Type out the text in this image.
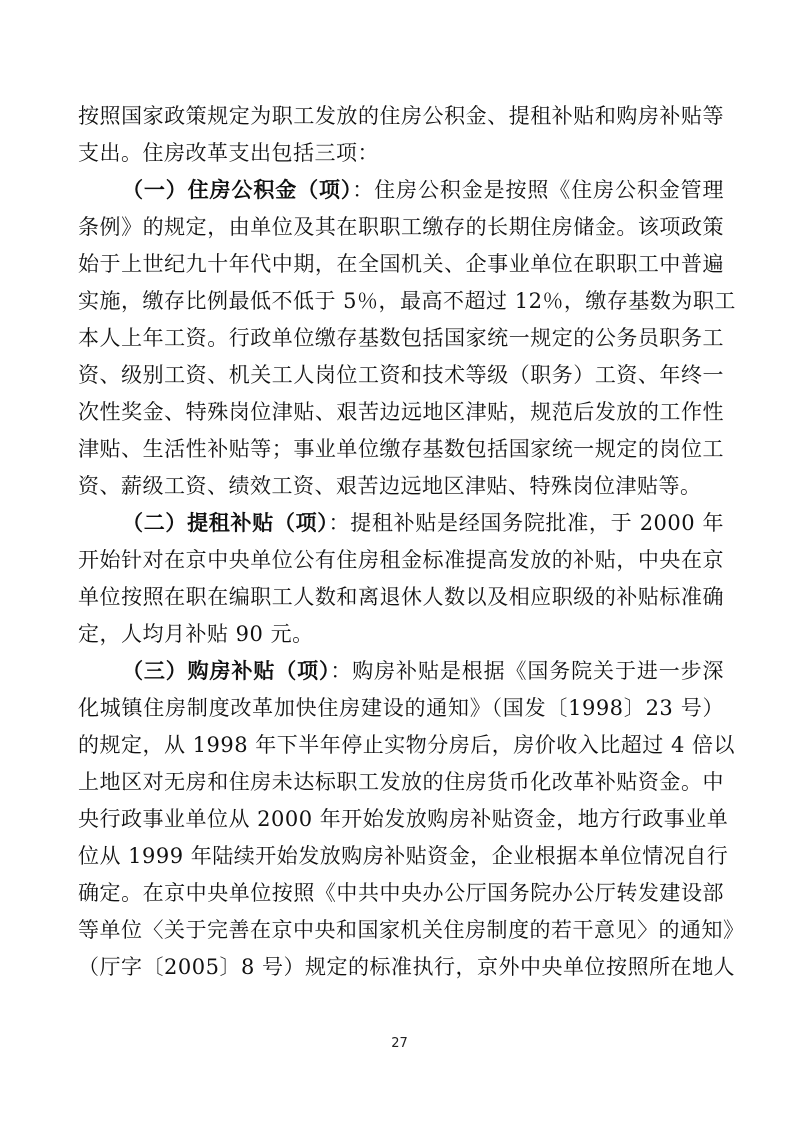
按照国家政策规定为职工发放的住房公积金、提租补贴和购房补贴等
支出。住房改革支出包括三项：
（一）住房公积金（项）：住房公积金是按照《住房公积金管理
条例》的规定，由单位及其在职职工缴存的长期住房储金。该项政策
始于上世纪九十年代中期，在全国机关、企事业单位在职职工中普遍
实施，缴存比例最低不低于 5％，最高不超过 12％，缴存基数为职工
本人上年工资。行政单位缴存基数包括国家统一规定的公务员职务工
资、级别工资、机关工人岗位工资和技术等级（职务）工资、年终一
次性奖金、特殊岗位津贴、艰苦边远地区津贴，规范后发放的工作性
津贴、生活性补贴等；事业单位缴存基数包括国家统一规定的岗位工
资、薪级工资、绩效工资、艰苦边远地区津贴、特殊岗位津贴等。
（二）提租补贴（项）：提租补贴是经国务院批准，于 2000 年
开始针对在京中央单位公有住房租金标准提高发放的补贴，中央在京
单位按照在职在编职工人数和离退休人数以及相应职级的补贴标准确
定，人均月补贴 90 元。
（三）购房补贴（项）：购房补贴是根据《国务院关于进一步深
化城镇住房制度改革加快住房建设的通知》（国发〔1998〕23 号）
的规定，从 1998 年下半年停止实物分房后，房价收入比超过 4 倍以
上地区对无房和住房未达标职工发放的住房货币化改革补贴资金。中
央行政事业单位从 2000 年开始发放购房补贴资金，地方行政事业单
位从 1999 年陆续开始发放购房补贴资金，企业根据本单位情况自行
确定。在京中央单位按照《中共中央办公厅国务院办公厅转发建设部
等单位〈关于完善在京中央和国家机关住房制度的若干意见〉的通知》
（厅字〔2005〕8 号）规定的标准执行，京外中央单位按照所在地人
27
